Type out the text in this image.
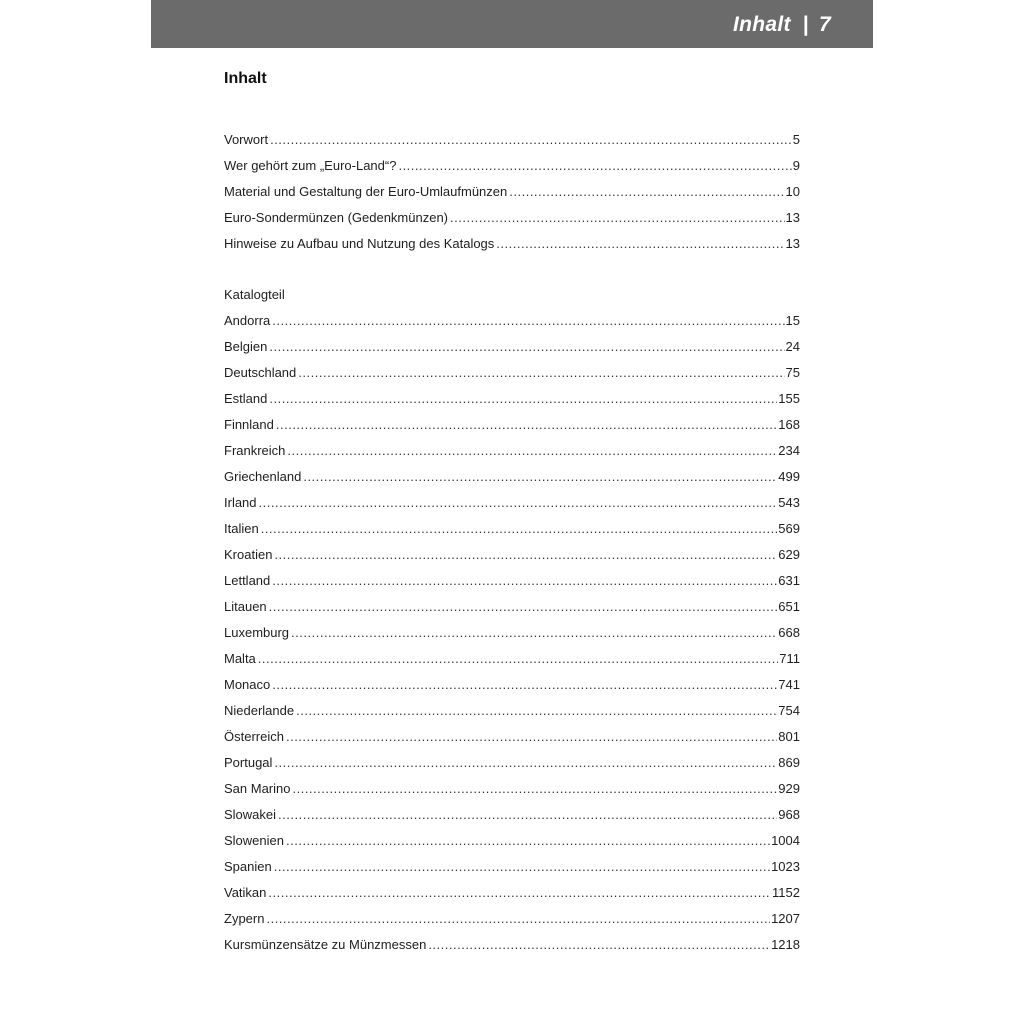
Inhalt | 7
Inhalt
Vorwort .....	5
Wer gehört zum „Euro-Land“? .....	9
Material und Gestaltung der Euro-Umlaufmünzen .....	10
Euro-Sondermünzen (Gedenkmünzen) .....	13
Hinweise zu Aufbau und Nutzung des Katalogs .....	13
Katalogteil
Andorra .....	15
Belgien .....	24
Deutschland .....	75
Estland .....	155
Finnland .....	168
Frankreich .....	234
Griechenland .....	499
Irland .....	543
Italien .....	569
Kroatien .....	629
Lettland .....	631
Litauen .....	651
Luxemburg .....	668
Malta .....	711
Monaco .....	741
Niederlande .....	754
Österreich .....	801
Portugal .....	869
San Marino .....	929
Slowakei .....	968
Slowenien .....	1004
Spanien .....	1023
Vatikan .....	1152
Zypern .....	1207
Kursmünzensätze zu Münzmessen .....	1218
